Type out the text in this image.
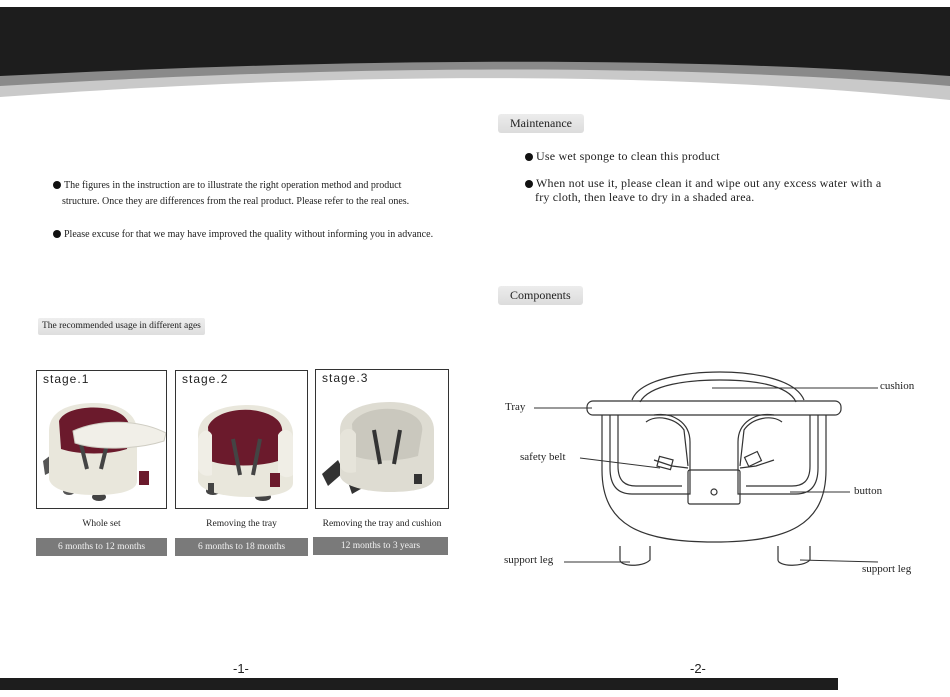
The figures in the instruction are to illustrate the right operation method and product
structure. Once they are differences from the real product. Please refer to the real ones.
Please excuse for that we may have improved the quality without informing you in advance.
The recommended usage in different ages
stage.1
Whole set
6 months to 12 months
stage.2
Removing the tray
6 months to 18 months
stage.3
Removing the tray and cushion
12 months to 3 years
-1-
Maintenance
Use wet sponge to clean this product
When not use it, please clean it and wipe out any excess water with a
fry cloth, then leave to dry in a shaded area.
Components
cushion
Tray
safety belt
button
support leg
support leg
-2-
